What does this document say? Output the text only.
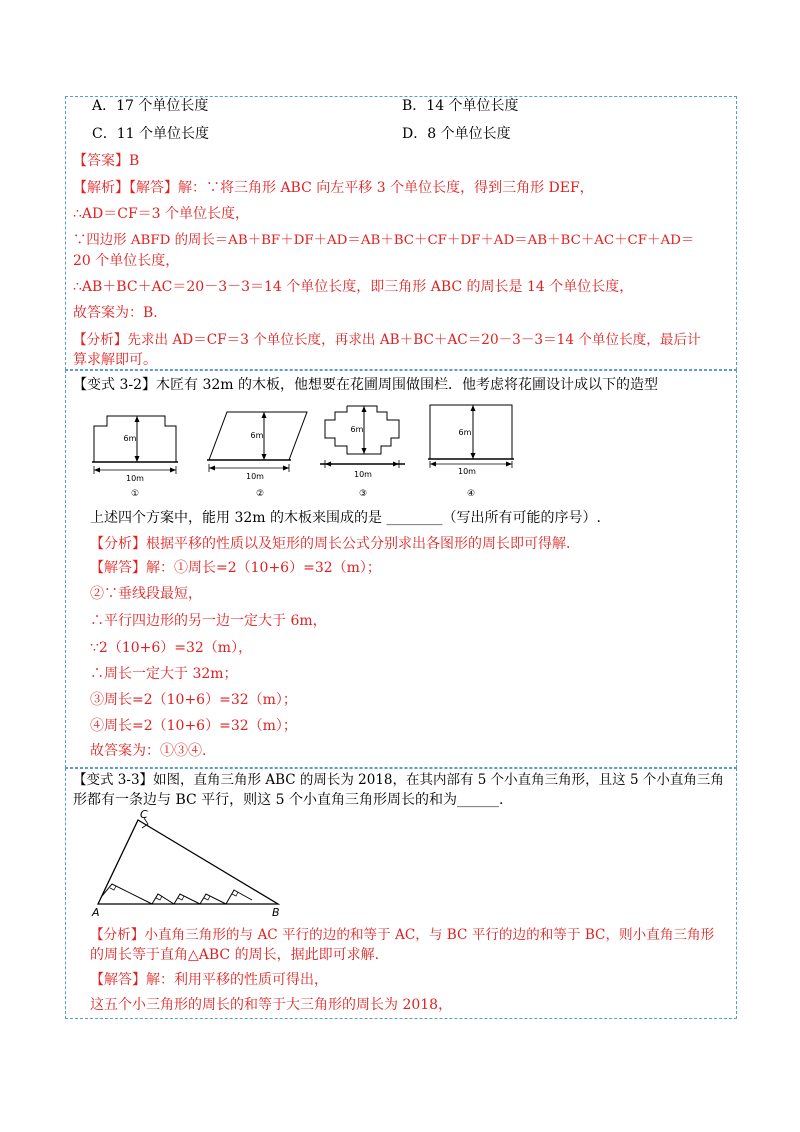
A．17 个单位长度	B．14 个单位长度
C．11 个单位长度	D．8 个单位长度
【答案】B
【解析】【解答】解：∵将三角形 ABC 向左平移 3 个单位长度，得到三角形 DEF，
∴AD＝CF＝3 个单位长度，
∵四边形 ABFD 的周长＝AB＋BF＋DF＋AD＝AB＋BC＋CF＋DF＋AD＝AB＋BC＋AC＋CF＋AD＝
20 个单位长度，
∴AB＋BC＋AC＝20－3－3＝14 个单位长度，即三角形 ABC 的周长是 14 个单位长度，
故答案为：B.
【分析】先求出 AD＝CF＝3 个单位长度，再求出 AB＋BC＋AC＝20－3－3＝14 个单位长度，最后计
算求解即可。
【变式 3-2】木匠有 32m 的木板，他想要在花圃周围做围栏．他考虑将花圃设计成以下的造型
6m
10m
①
6m
10m
②
6m
10m
③
6m
10m
④
上述四个方案中，能用 32m 的木板来围成的是 ________（写出所有可能的序号）.
【分析】根据平移的性质以及矩形的周长公式分别求出各图形的周长即可得解.
【解答】解：①周长=2（10+6）=32（m）；
②∵垂线段最短，
∴平行四边形的另一边一定大于 6m，
∵2（10+6）=32（m），
∴周长一定大于 32m；
③周长=2（10+6）=32（m）；
④周长=2（10+6）=32（m）；
故答案为：①③④.
【变式 3-3】如图，直角三角形 ABC 的周长为 2018，在其内部有 5 个小直角三角形，且这 5 个小直角三角
形都有一条边与 BC 平行，则这 5 个小直角三角形周长的和为______.
C
A	B
【分析】小直角三角形的与 AC 平行的边的和等于 AC，与 BC 平行的边的和等于 BC，则小直角三角形
的周长等于直角△ABC 的周长，据此即可求解.
【解答】解：利用平移的性质可得出，
这五个小三角形的周长的和等于大三角形的周长为 2018，
